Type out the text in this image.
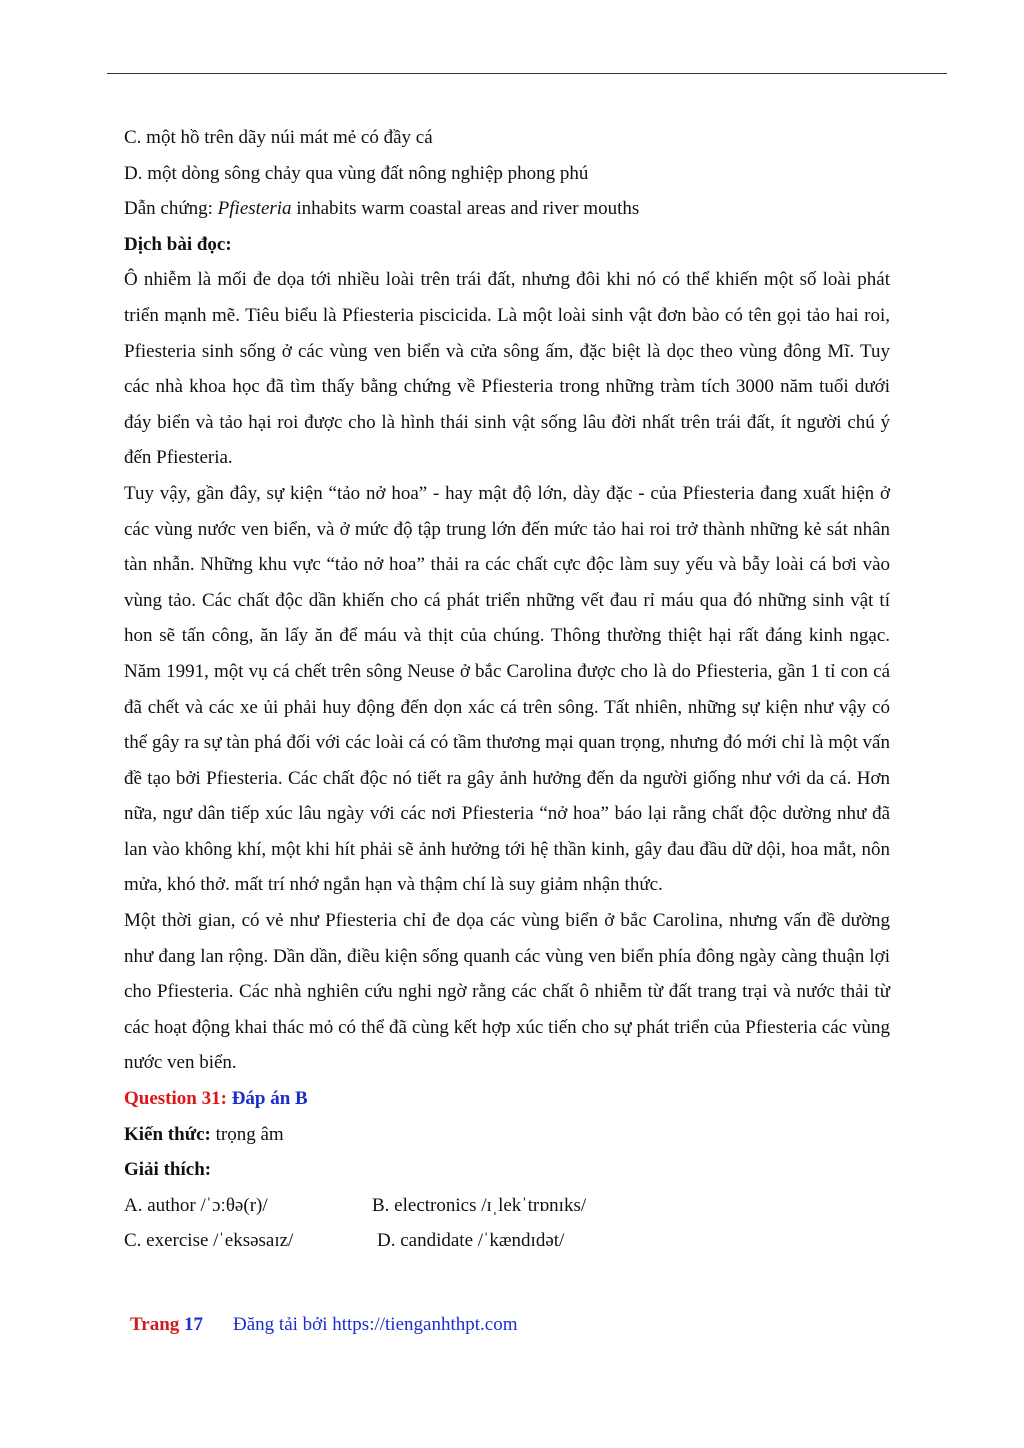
C. một hồ trên dãy núi mát mẻ có đầy cá

D. một dòng sông chảy qua vùng đất nông nghiệp phong phú

Dẫn chứng: Pfiesteria inhabits warm coastal areas and river mouths

Dịch bài đọc:

Ô nhiễm là mối đe dọa tới nhiều loài trên trái đất, nhưng đôi khi nó có thể khiến một số loài phát triển mạnh mẽ. Tiêu biểu là Pfiesteria piscicida. Là một loài sinh vật đơn bào có tên gọi tảo hai roi, Pfiesteria sinh sống ở các vùng ven biển và cửa sông ấm, đặc biệt là dọc theo vùng đông Mĩ. Tuy các nhà khoa học đã tìm thấy bằng chứng về Pfiesteria trong những tràm tích 3000 năm tuổi dưới đáy biển và tảo hại roi được cho là hình thái sinh vật sống lâu đời nhất trên trái đất, ít người chú ý đến Pfiesteria.

Tuy vậy, gần đây, sự kiện “tảo nở hoa” - hay mật độ lớn, dày đặc - của Pfiesteria đang xuất hiện ở các vùng nước ven biển, và ở mức độ tập trung lớn đến mức tảo hai roi trở thành những kẻ sát nhân tàn nhẫn. Những khu vực “tảo nở hoa” thải ra các chất cực độc làm suy yếu và bẫy loài cá bơi vào vùng tảo. Các chất độc dần khiến cho cá phát triển những vết đau rỉ máu qua đó những sinh vật tí hon sẽ tấn công, ăn lấy ăn để máu và thịt của chúng. Thông thường thiệt hại rất đáng kinh ngạc. Năm 1991, một vụ cá chết trên sông Neuse ở bắc Carolina được cho là do Pfiesteria, gần 1 tỉ con cá đã chết và các xe ủi phải huy động đến dọn xác cá trên sông. Tất nhiên, những sự kiện như vậy có thể gây ra sự tàn phá đối với các loài cá có tầm thương mại quan trọng, nhưng đó mới chỉ là một vấn đề tạo bởi Pfiesteria. Các chất độc nó tiết ra gây ảnh hưởng đến da người giống như với da cá. Hơn nữa, ngư dân tiếp xúc lâu ngày với các nơi Pfiesteria “nở hoa” báo lại rằng chất độc dường như đã lan vào không khí, một khi hít phải sẽ ảnh hưởng tới hệ thần kinh, gây đau đầu dữ dội, hoa mắt, nôn mửa, khó thở. mất trí nhớ ngắn hạn và thậm chí là suy giảm nhận thức.

Một thời gian, có vẻ như Pfiesteria chỉ đe dọa các vùng biển ở bắc Carolina, nhưng vấn đề dường như đang lan rộng. Dần dần, điều kiện sống quanh các vùng ven biển phía đông ngày càng thuận lợi cho Pfiesteria. Các nhà nghiên cứu nghi ngờ rằng các chất ô nhiễm từ đất trang trại và nước thải từ các hoạt động khai thác mỏ có thể đã cùng kết hợp xúc tiến cho sự phát triển của Pfiesteria các vùng nước ven biển.

Question 31: Đáp án B

Kiến thức: trọng âm

Giải thích:

A. author /ˈɔːθə(r)/	B. electronics /ɪˌlekˈtrɒnɪks/
C. exercise /ˈeksəsaɪz/	D. candidate /ˈkændɪdət/
Trang 17 Đăng tải bởi https://tienganhthpt.com
